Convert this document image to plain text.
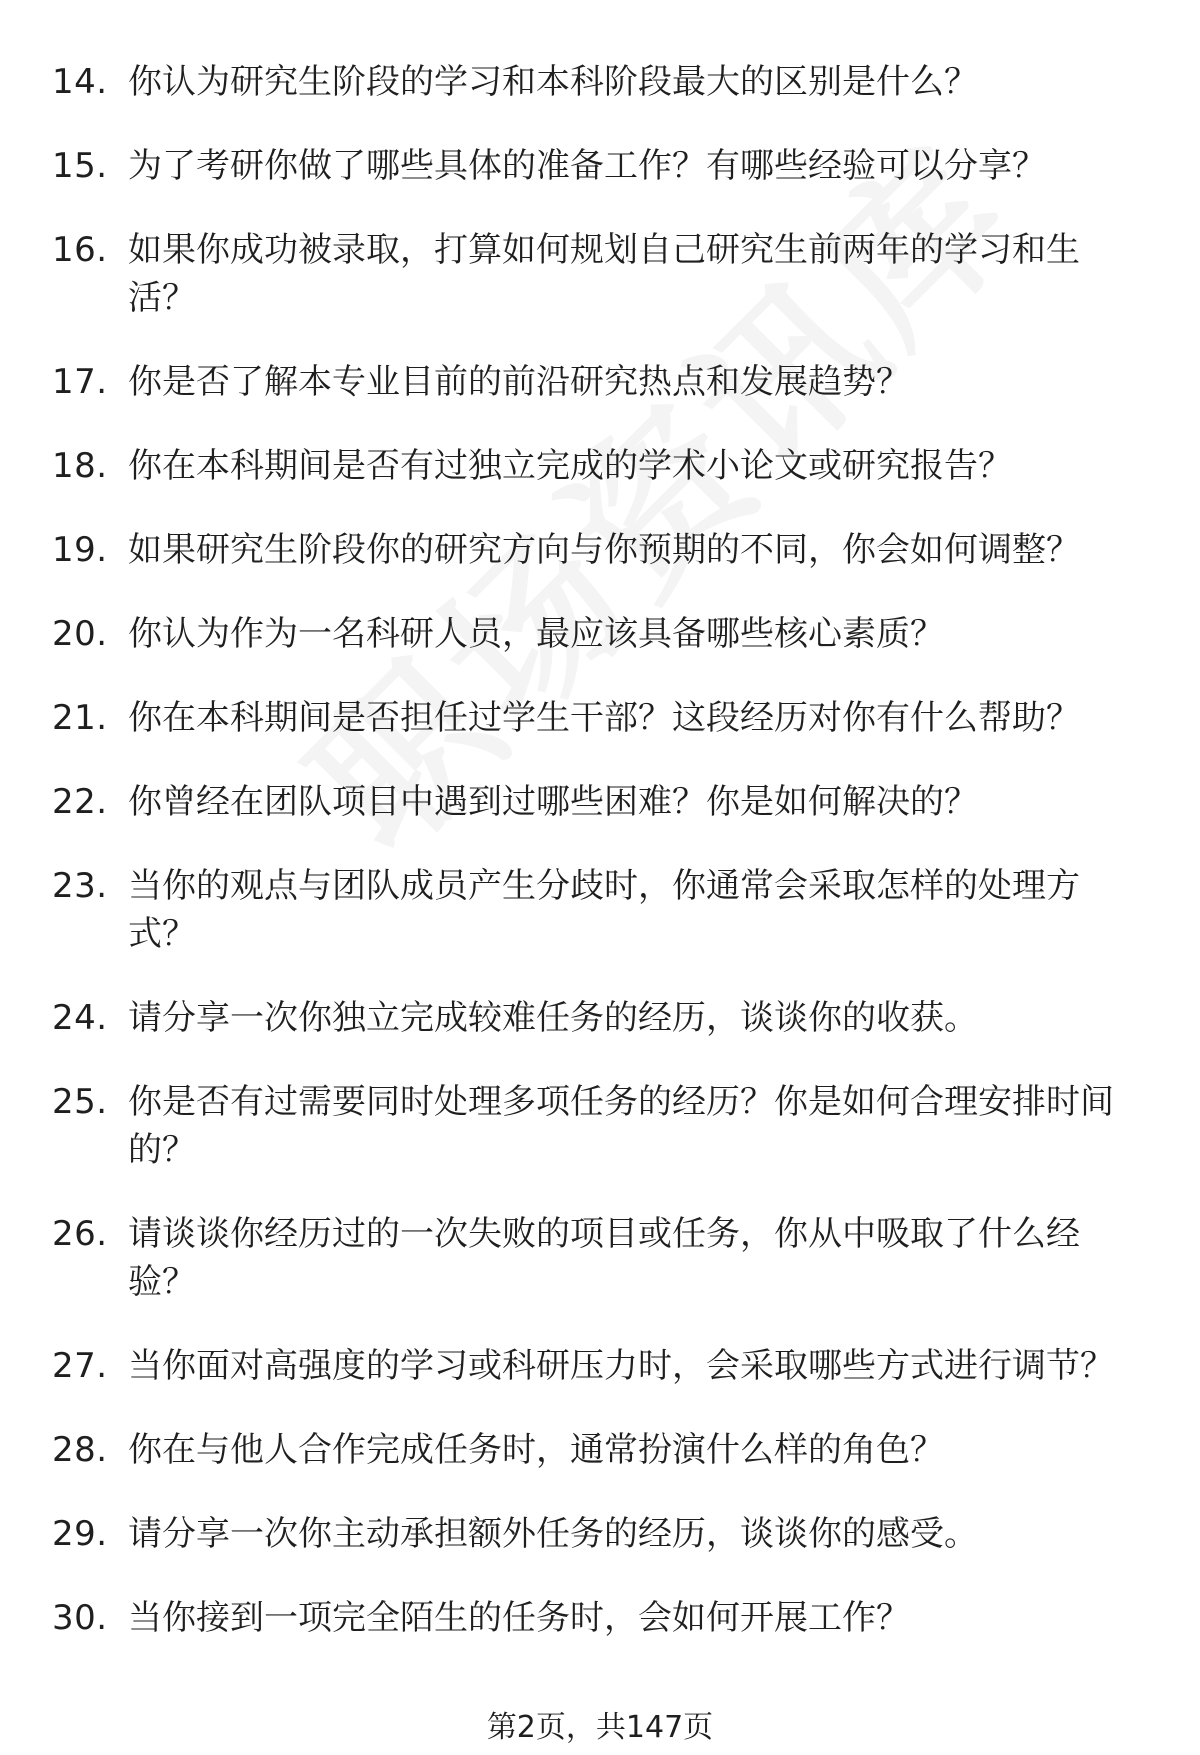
14. 你认为研究生阶段的学习和本科阶段最大的区别是什么？
15. 为了考研你做了哪些具体的准备工作？有哪些经验可以分享？
16. 如果你成功被录取，打算如何规划自己研究生前两年的学习和生活？
17. 你是否了解本专业目前的前沿研究热点和发展趋势？
18. 你在本科期间是否有过独立完成的学术小论文或研究报告？
19. 如果研究生阶段你的研究方向与你预期的不同，你会如何调整？
20. 你认为作为一名科研人员，最应该具备哪些核心素质？
21. 你在本科期间是否担任过学生干部？这段经历对你有什么帮助？
22. 你曾经在团队项目中遇到过哪些困难？你是如何解决的？
23. 当你的观点与团队成员产生分歧时，你通常会采取怎样的处理方式？
24. 请分享一次你独立完成较难任务的经历，谈谈你的收获。
25. 你是否有过需要同时处理多项任务的经历？你是如何合理安排时间的？
26. 请谈谈你经历过的一次失败的项目或任务，你从中吸取了什么经验？
27. 当你面对高强度的学习或科研压力时，会采取哪些方式进行调节？
28. 你在与他人合作完成任务时，通常扮演什么样的角色？
29. 请分享一次你主动承担额外任务的经历，谈谈你的感受。
30. 当你接到一项完全陌生的任务时，会如何开展工作？
第2页，共147页
